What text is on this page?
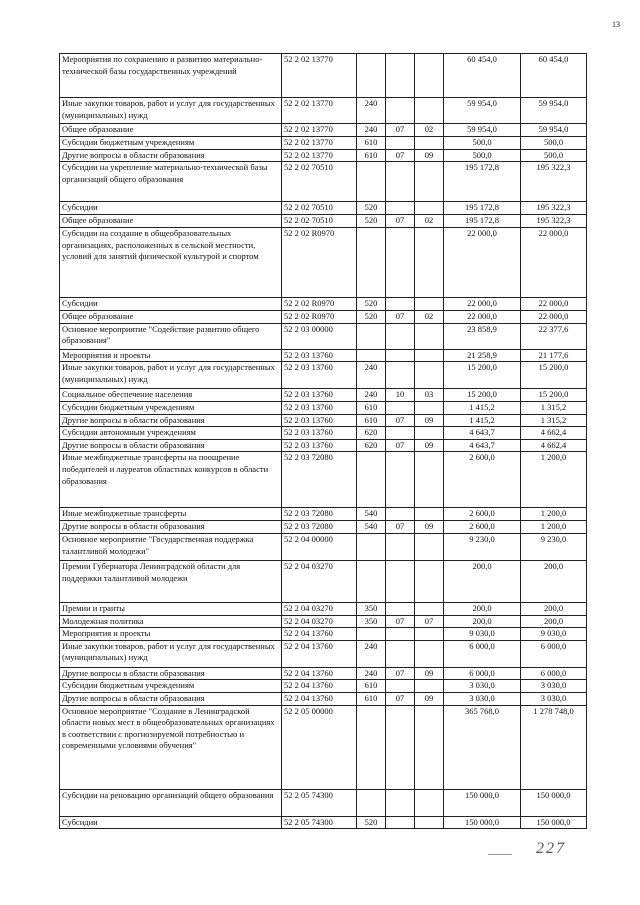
13
Мероприятия по сохранению и развитию материально-технической базы государственных учреждений	52 2 02 13770				60 454,0	60 454,0
Иные закупки товаров, работ и услуг для государственных (муниципальных) нужд	52 2 02 13770	240			59 954,0	59 954,0
Общее образование	52 2 02 13770	240	07	02	59 954,0	59 954,0
Субсидии бюджетным учреждениям	52 2 02 13770	610			500,0	500,0
Другие вопросы в области образования	52 2 02 13770	610	07	09	500,0	500,0
Субсидии на укрепление материально-технической базы организаций общего образования	52 2 02 70510				195 172,8	195 322,3
Субсидии	52 2 02 70510	520			195 172,8	195 322,3
Общее образование	52 2 02 70510	520	07	02	195 172,8	195 322,3
Субсидии на создание в общеобразовательных организациях, расположенных в сельской местности, условий для занятий физической культурой и спортом	52 2 02 R0970				22 000,0	22 000,0
Субсидии	52 2 02 R0970	520			22 000,0	22 000,0
Общее образование	52 2 02 R0970	520	07	02	22 000,0	22 000,0
Основное мероприятие "Содействие развитию общего образования"	52 2 03 00000				23 858,9	22 377,6
Мероприятия и проекты	52 2 03 13760				21 258,9	21 177,6
Иные закупки товаров, работ и услуг для государственных (муниципальных) нужд	52 2 03 13760	240			15 200,0	15 200,0
Социальное обеспечение населения	52 2 03 13760	240	10	03	15 200,0	15 200,0
Субсидии бюджетным учреждениям	52 2 03 13760	610			1 415,2	1 315,2
Другие вопросы в области образования	52 2 03 13760	610	07	09	1 415,2	1 315,2
Субсидии автономным учреждениям	52 2 03 13760	620			4 643,7	4 662,4
Другие вопросы в области образования	52 2 03 13760	620	07	09	4 643,7	4 662,4
Иные межбюджетные трансферты на поощрение победителей и лауреатов областных конкурсов в области образования	52 2 03 72080				2 600,0	1 200,0
Иные межбюджетные трансферты	52 2 03 72080	540			2 600,0	1 200,0
Другие вопросы в области образования	52 2 03 72080	540	07	09	2 600,0	1 200,0
Основное мероприятие "Государственная поддержка талантливой молодежи"	52 2 04 00000				9 230,0	9 230,0
Премии Губернатора Ленинградской области для поддержки талантливой молодежи	52 2 04 03270				200,0	200,0
Премии и гранты	52 2 04 03270	350			200,0	200,0
Молодежная политика	52 2 04 03270	350	07	07	200,0	200,0
Мероприятия и проекты	52 2 04 13760				9 030,0	9 030,0
Иные закупки товаров, работ и услуг для государственных (муниципальных) нужд	52 2 04 13760	240			6 000,0	6 000,0
Другие вопросы в области образования	52 2 04 13760	240	07	09	6 000,0	6 000,0
Субсидии бюджетным учреждениям	52 2 04 13760	610			3 030,0	3 030,0
Другие вопросы в области образования	52 2 04 13760	610	07	09	3 030,0	3 030,0
Основное мероприятие "Создание в Ленинградской области новых мест в общеобразовательных организациях в соответствии с прогнозируемой потребностью и современными условиями обучения"	52 2 05 00000				365 768,0	1 278 748,0
Субсидии на реновацию организаций общего образования	52 2 05 74300				150 000,0	150 000,0
Субсидии	52 2 05 74300	520			150 000,0	150 000,0
227
